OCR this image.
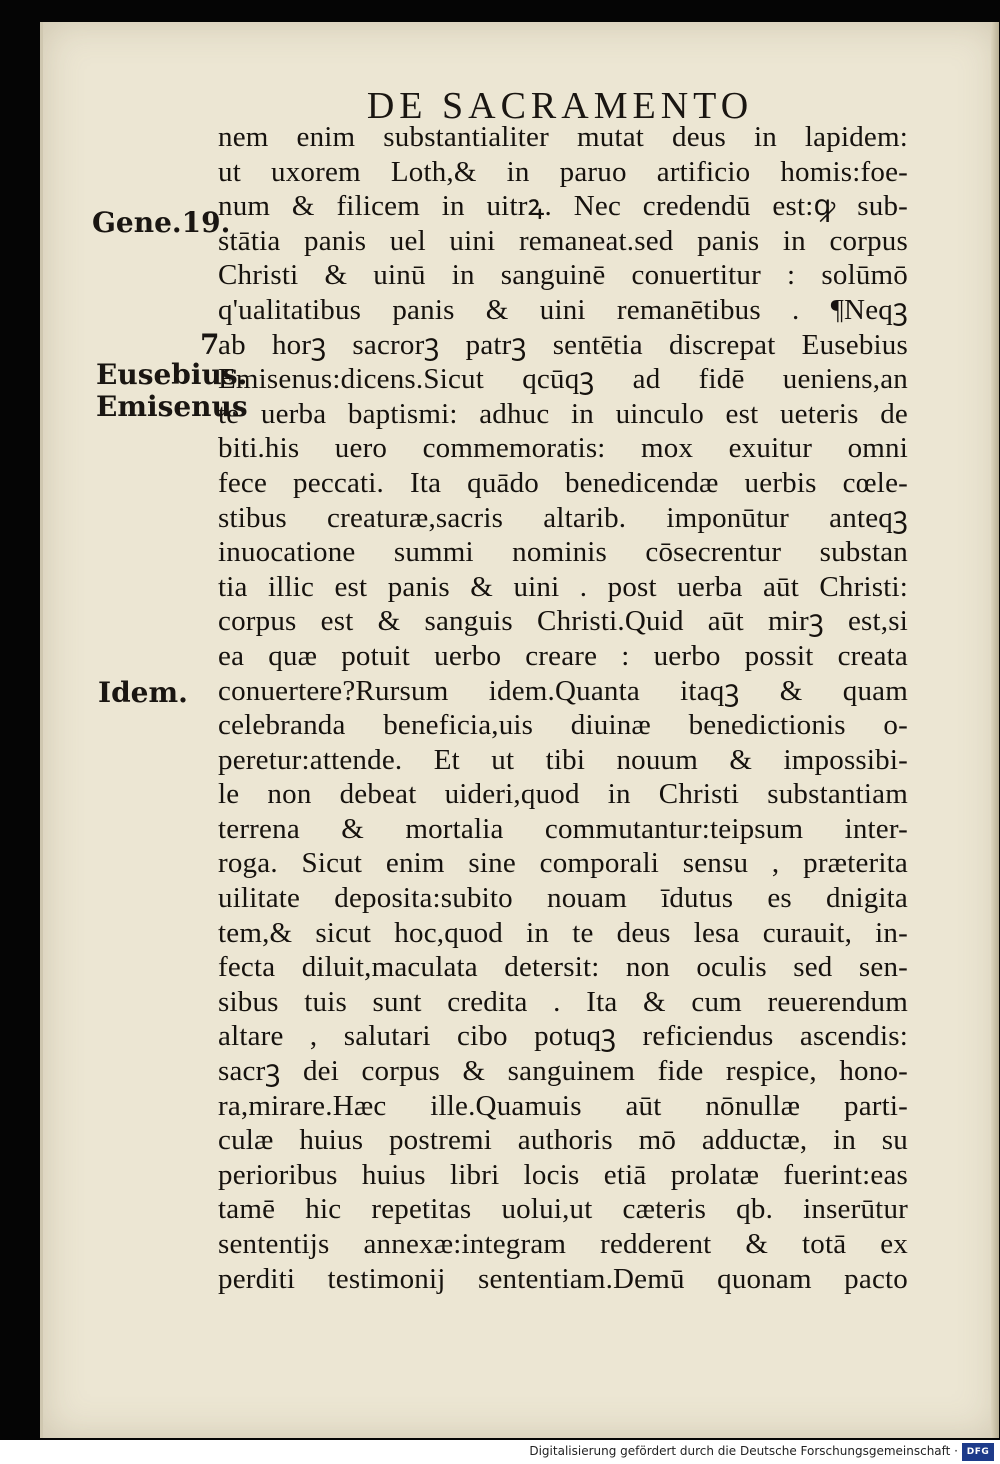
DE SACRAMENTO
Gene.19.
7
Eusebius.
Emisenus
Idem.
nem enim substantialiter mutat deus in lapidem:
ut uxorem Loth,& in paruo artificio homis:foe-
num & filicem in uitrꝝ. Nec credendū est:ꝙ sub-
stātia panis uel uini remaneat.sed panis in corpus
Christi & uinū in sanguinē conuertitur : solūmō
q'ualitatibus panis & uini remanētibus . ¶Neqꝫ
ab horꝫ sacrorꝫ patrꝫ sentētia discrepat Eusebius
Emisenus:dicens.Sicut qcūqꝫ ad fidē ueniens,an
te uerba baptismi: adhuc in uinculo est ueteris de
biti.his uero commemoratis: mox exuitur omni
fece peccati. Ita quādo benedicendæ uerbis cœle-
stibus creaturæ,sacris altarib. imponūtur anteqꝫ
inuocatione summi nominis cōsecrentur substan
tia illic est panis & uini . post uerba aūt Christi:
corpus est & sanguis Christi.Quid aūt mirꝫ est,si
ea quæ potuit uerbo creare : uerbo possit creata
conuertere?Rursum idem.Quanta itaqꝫ & quam
celebranda beneficia,uis diuinæ benedictionis o-
peretur:attende. Et ut tibi nouum & impossibi-
le non debeat uideri,quod in Christi substantiam
terrena & mortalia commutantur:teipsum inter-
roga. Sicut enim sine comporali sensu , præterita
uilitate deposita:subito nouam īdutus es dnigita
tem,& sicut hoc,quod in te deus lesa curauit, in-
fecta diluit,maculata detersit: non oculis sed sen-
sibus tuis sunt credita . Ita & cum reuerendum
altare , salutari cibo potuqꝫ reficiendus ascendis:
sacrꝫ dei corpus & sanguinem fide respice, hono-
ra,mirare.Hæc ille.Quamuis aūt nōnullæ parti-
culæ huius postremi authoris mō adductæ, in su
perioribus huius libri locis etiā prolatæ fuerint:eas
tamē hic repetitas uolui,ut cæteris qb. inserūtur
sententijs annexæ:integram redderent & totā ex
perditi testimonij sententiam.Demū quonam pacto
Digitalisierung gefördert durch die Deutsche Forschungsgemeinschaft · DFG
